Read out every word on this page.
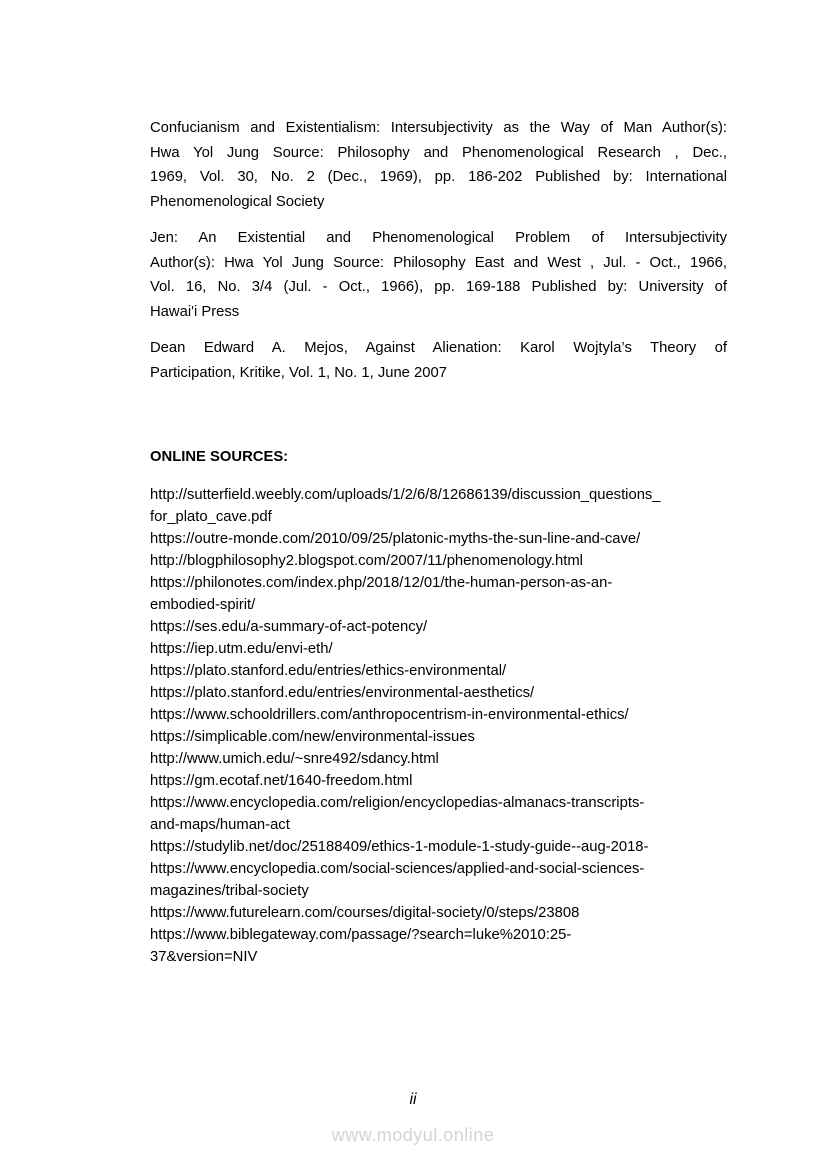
Confucianism and Existentialism: Intersubjectivity as the Way of Man Author(s):
Hwa Yol Jung Source: Philosophy and Phenomenological Research , Dec.,
1969, Vol. 30, No. 2 (Dec., 1969), pp. 186-202 Published by: International
Phenomenological Society
Jen: An Existential and Phenomenological Problem of Intersubjectivity
Author(s): Hwa Yol Jung Source: Philosophy East and West , Jul. - Oct., 1966,
Vol. 16, No. 3/4 (Jul. - Oct., 1966), pp. 169-188 Published by: University of
Hawai'i Press
Dean Edward A. Mejos, Against Alienation: Karol Wojtyla’s Theory of
Participation, Kritike, Vol. 1, No. 1, June 2007
ONLINE SOURCES:
http://sutterfield.weebly.com/uploads/1/2/6/8/12686139/discussion_questions_
for_plato_cave.pdf
https://outre-monde.com/2010/09/25/platonic-myths-the-sun-line-and-cave/
http://blogphilosophy2.blogspot.com/2007/11/phenomenology.html
https://philonotes.com/index.php/2018/12/01/the-human-person-as-an-
embodied-spirit/
https://ses.edu/a-summary-of-act-potency/
https://iep.utm.edu/envi-eth/
https://plato.stanford.edu/entries/ethics-environmental/
https://plato.stanford.edu/entries/environmental-aesthetics/
https://www.schooldrillers.com/anthropocentrism-in-environmental-ethics/
https://simplicable.com/new/environmental-issues
http://www.umich.edu/~snre492/sdancy.html
https://gm.ecotaf.net/1640-freedom.html
https://www.encyclopedia.com/religion/encyclopedias-almanacs-transcripts-
and-maps/human-act
https://studylib.net/doc/25188409/ethics-1-module-1-study-guide--aug-2018-
https://www.encyclopedia.com/social-sciences/applied-and-social-sciences-
magazines/tribal-society
https://www.futurelearn.com/courses/digital-society/0/steps/23808
https://www.biblegateway.com/passage/?search=luke%2010:25-
37&version=NIV
ii
www.modyul.online
